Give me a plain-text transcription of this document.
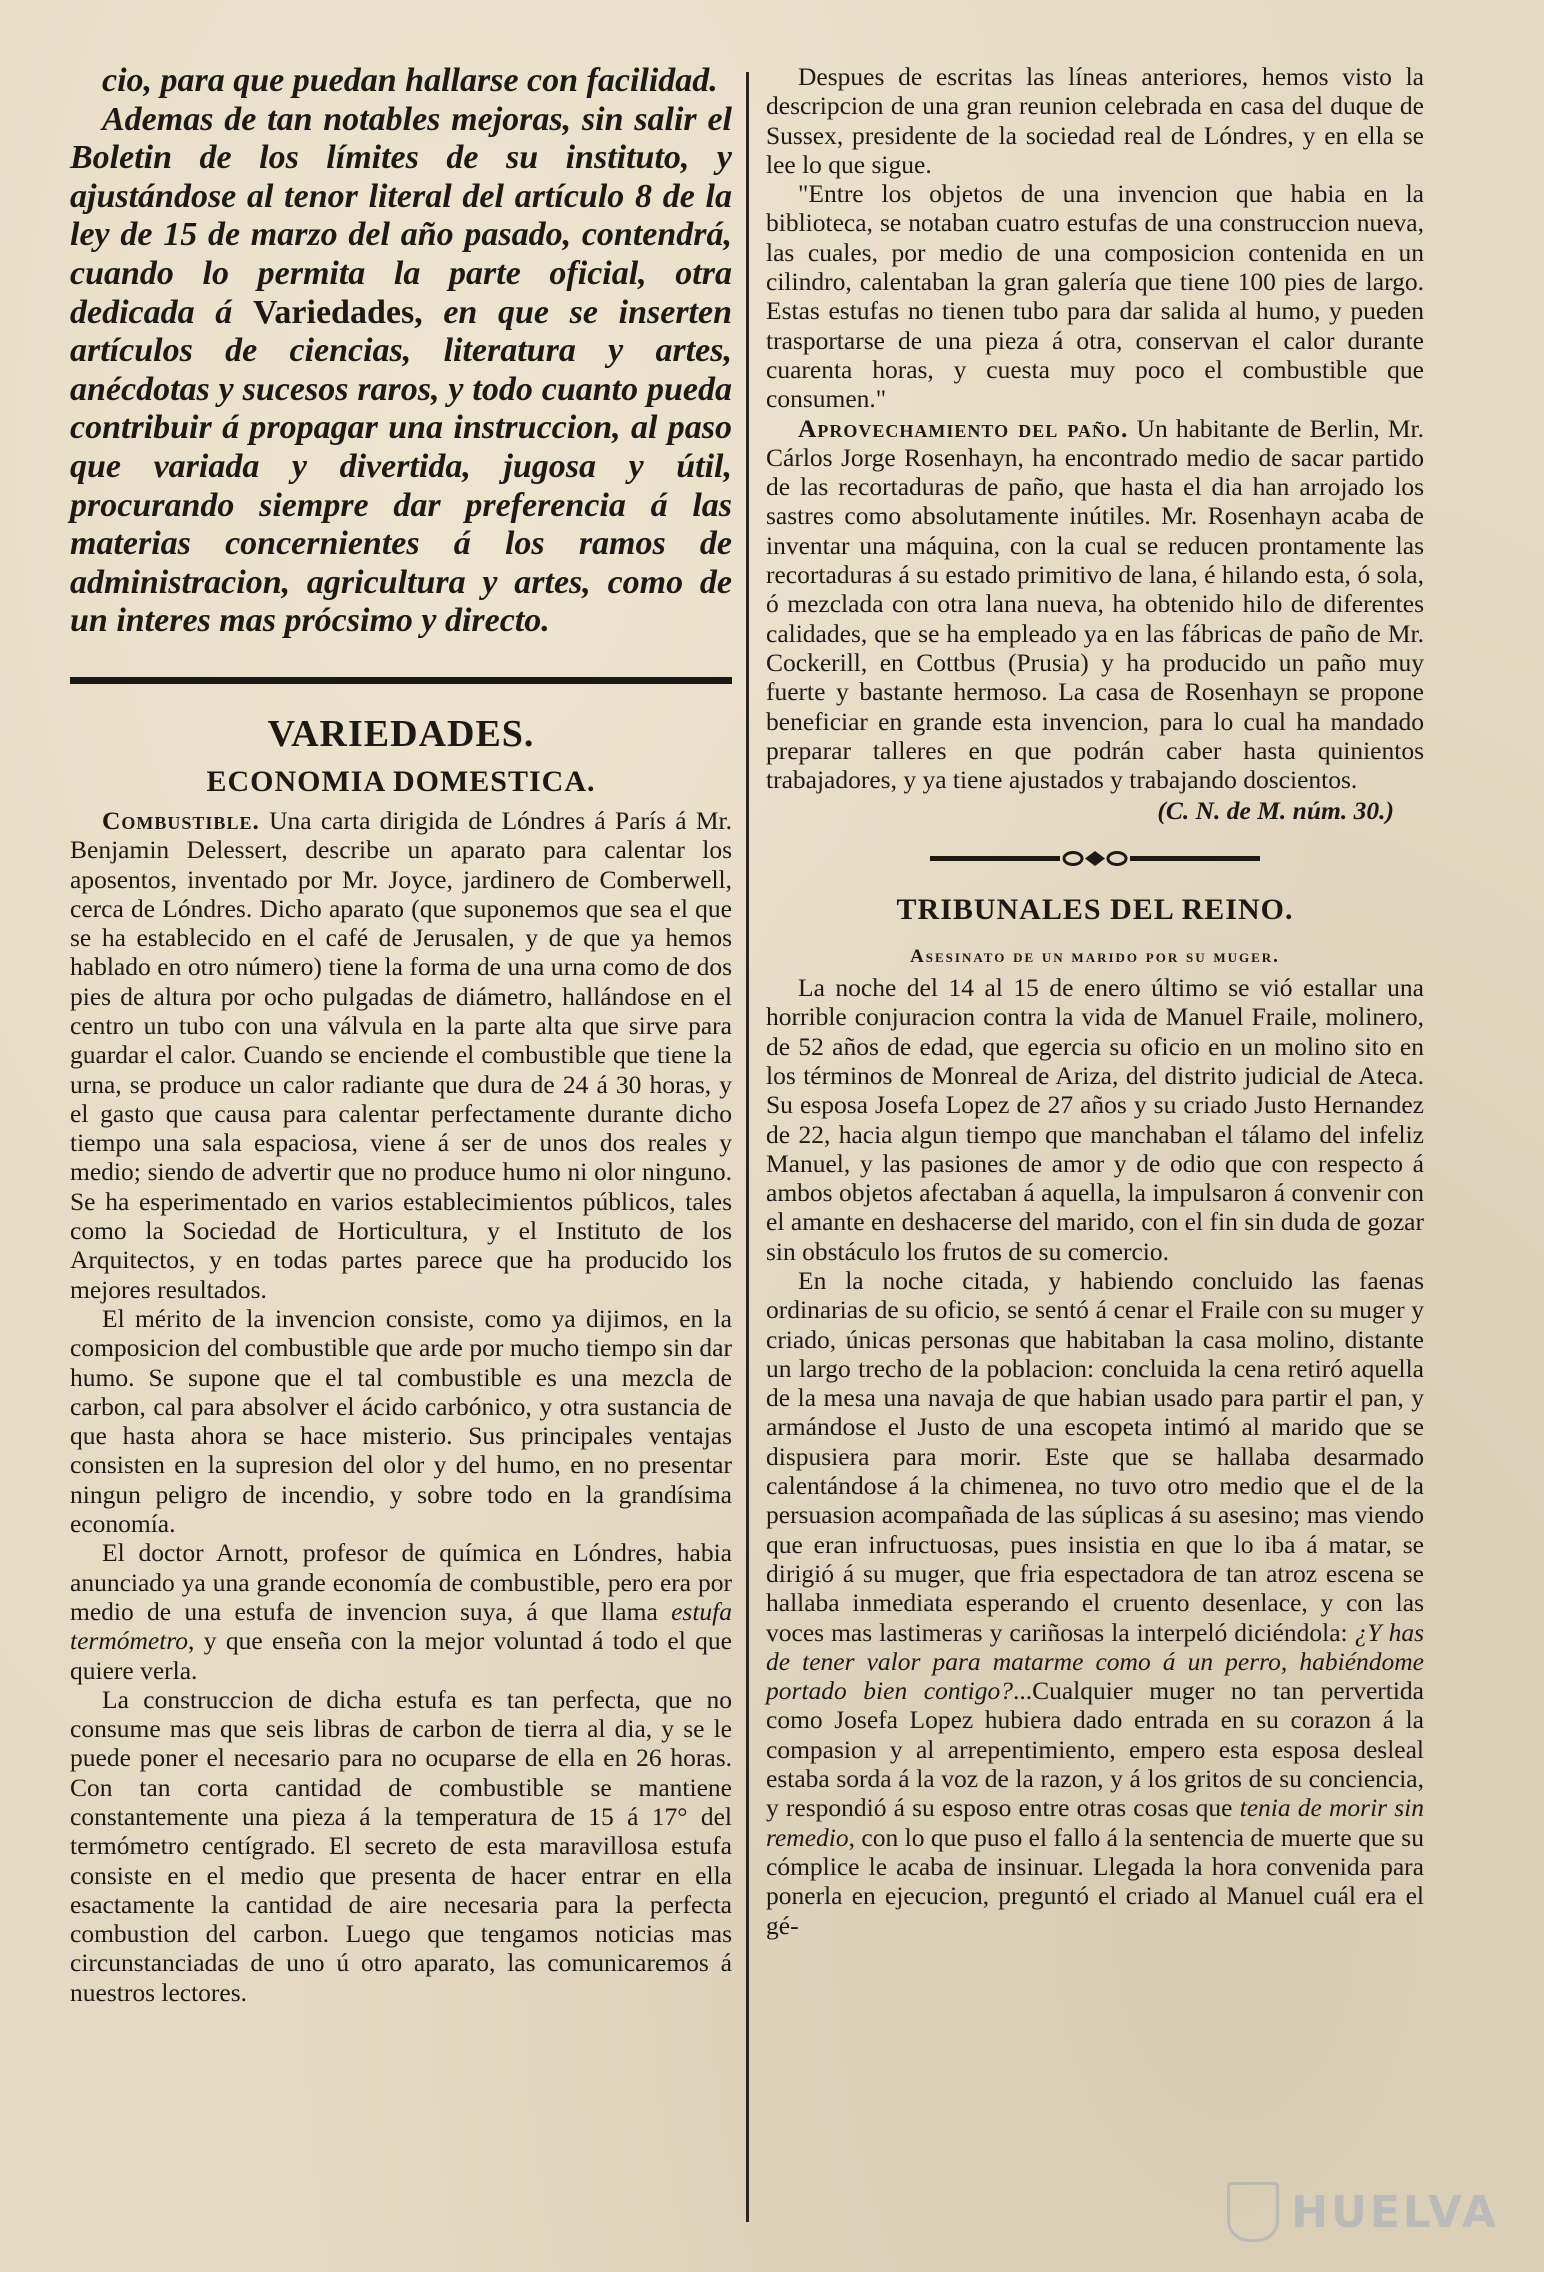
cio, para que puedan hallarse con facilidad.
Ademas de tan notables mejoras, sin salir el Boletin de los límites de su instituto, y ajustándose al tenor literal del artículo 8 de la ley de 15 de marzo del año pasado, contendrá, cuando lo permita la parte oficial, otra dedicada á Variedades, en que se inserten artículos de ciencias, literatura y artes, anécdotas y sucesos raros, y todo cuanto pueda contribuir á propagar una instruccion, al paso que variada y divertida, jugosa y útil, procurando siempre dar preferencia á las materias concernientes á los ramos de administracion, agricultura y artes, como de un interes mas prócsimo y directo.

VARIEDADES.
ECONOMIA DOMESTICA.

Combustible. Una carta dirigida de Lóndres á París á Mr. Benjamin Delessert, describe un aparato para calentar los aposentos, inventado por Mr. Joyce, jardinero de Comberwell, cerca de Lóndres. Dicho aparato (que suponemos que sea el que se ha establecido en el café de Jerusalen, y de que ya hemos hablado en otro número) tiene la forma de una urna como de dos pies de altura por ocho pulgadas de diámetro, hallándose en el centro un tubo con una válvula en la parte alta que sirve para guardar el calor. Cuando se enciende el combustible que tiene la urna, se produce un calor radiante que dura de 24 á 30 horas, y el gasto que causa para calentar perfectamente durante dicho tiempo una sala espaciosa, viene á ser de unos dos reales y medio; siendo de advertir que no produce humo ni olor ninguno. Se ha esperimentado en varios establecimientos públicos, tales como la Sociedad de Horticultura, y el Instituto de los Arquitectos, y en todas partes parece que ha producido los mejores resultados.

El mérito de la invencion consiste, como ya dijimos, en la composicion del combustible que arde por mucho tiempo sin dar humo. Se supone que el tal combustible es una mezcla de carbon, cal para absolver el ácido carbónico, y otra sustancia de que hasta ahora se hace misterio. Sus principales ventajas consisten en la supresion del olor y del humo, en no presentar ningun peligro de incendio, y sobre todo en la grandísima economía.

El doctor Arnott, profesor de química en Lóndres, habia anunciado ya una grande economía de combustible, pero era por medio de una estufa de invencion suya, á que llama estufa termómetro, y que enseña con la mejor voluntad á todo el que quiere verla.

La construccion de dicha estufa es tan perfecta, que no consume mas que seis libras de carbon de tierra al dia, y se le puede poner el necesario para no ocuparse de ella en 26 horas. Con tan corta cantidad de combustible se mantiene constantemente una pieza á la temperatura de 15 á 17° del termómetro centígrado. El secreto de esta maravillosa estufa consiste en el medio que presenta de hacer entrar en ella esactamente la cantidad de aire necesaria para la perfecta combustion del carbon. Luego que tengamos noticias mas circunstanciadas de uno ú otro aparato, las comunicaremos á nuestros lectores.

Despues de escritas las líneas anteriores, hemos visto la descripcion de una gran reunion celebrada en casa del duque de Sussex, presidente de la sociedad real de Lóndres, y en ella se lee lo que sigue.

"Entre los objetos de una invencion que habia en la biblioteca, se notaban cuatro estufas de una construccion nueva, las cuales, por medio de una composicion contenida en un cilindro, calentaban la gran galería que tiene 100 pies de largo. Estas estufas no tienen tubo para dar salida al humo, y pueden trasportarse de una pieza á otra, conservan el calor durante cuarenta horas, y cuesta muy poco el combustible que consumen."

Aprovechamiento del paño. Un habitante de Berlin, Mr. Cárlos Jorge Rosenhayn, ha encontrado medio de sacar partido de las recortaduras de paño, que hasta el dia han arrojado los sastres como absolutamente inútiles. Mr. Rosenhayn acaba de inventar una máquina, con la cual se reducen prontamente las recortaduras á su estado primitivo de lana, é hilando esta, ó sola, ó mezclada con otra lana nueva, ha obtenido hilo de diferentes calidades, que se ha empleado ya en las fábricas de paño de Mr. Cockerill, en Cottbus (Prusia) y ha producido un paño muy fuerte y bastante hermoso. La casa de Rosenhayn se propone beneficiar en grande esta invencion, para lo cual ha mandado preparar talleres en que podrán caber hasta quinientos trabajadores, y ya tiene ajustados y trabajando doscientos.

(C. N. de M. núm. 30.)
TRIBUNALES DEL REINO.
Asesinato de un marido por su muger.

La noche del 14 al 15 de enero último se vió estallar una horrible conjuracion contra la vida de Manuel Fraile, molinero, de 52 años de edad, que egercia su oficio en un molino sito en los términos de Monreal de Ariza, del distrito judicial de Ateca. Su esposa Josefa Lopez de 27 años y su criado Justo Hernandez de 22, hacia algun tiempo que manchaban el tálamo del infeliz Manuel, y las pasiones de amor y de odio que con respecto á ambos objetos afectaban á aquella, la impulsaron á convenir con el amante en deshacerse del marido, con el fin sin duda de gozar sin obstáculo los frutos de su comercio.

En la noche citada, y habiendo concluido las faenas ordinarias de su oficio, se sentó á cenar el Fraile con su muger y criado, únicas personas que habitaban la casa molino, distante un largo trecho de la poblacion: concluida la cena retiró aquella de la mesa una navaja de que habian usado para partir el pan, y armándose el Justo de una escopeta intimó al marido que se dispusiera para morir. Este que se hallaba desarmado calentándose á la chimenea, no tuvo otro medio que el de la persuasion acompañada de las súplicas á su asesino; mas viendo que eran infructuosas, pues insistia en que lo iba á matar, se dirigió á su muger, que fria espectadora de tan atroz escena se hallaba inmediata esperando el cruento desenlace, y con las voces mas lastimeras y cariñosas la interpeló diciéndola: ¿Y has de tener valor para matarme como á un perro, habiéndome portado bien contigo?...Cualquier muger no tan pervertida como Josefa Lopez hubiera dado entrada en su corazon á la compasion y al arrepentimiento, empero esta esposa desleal estaba sorda á la voz de la razon, y á los gritos de su conciencia, y respondió á su esposo entre otras cosas que tenia de morir sin remedio, con lo que puso el fallo á la sentencia de muerte que su cómplice le acaba de insinuar. Llegada la hora convenida para ponerla en ejecucion, preguntó el criado al Manuel cuál era el gé-

HUELVA
